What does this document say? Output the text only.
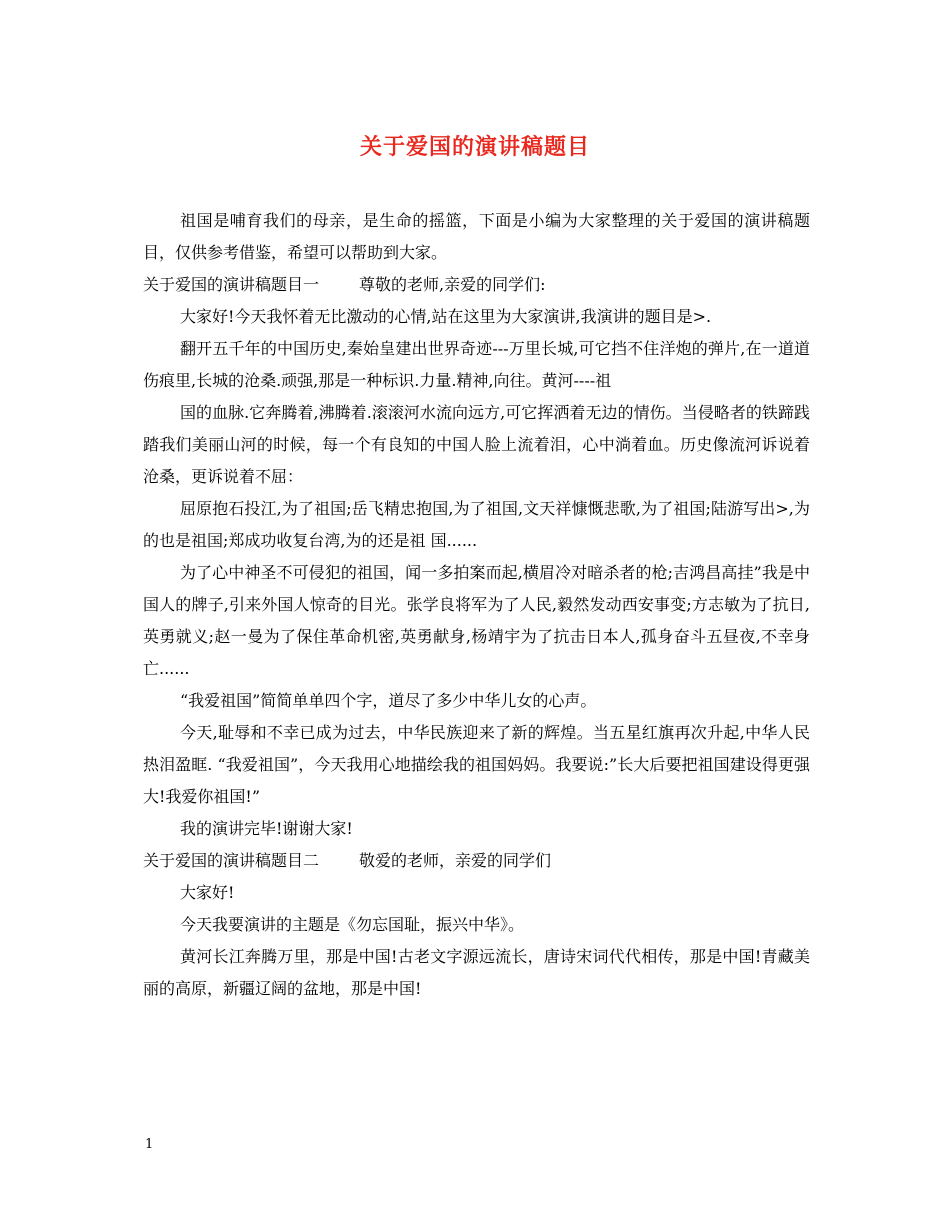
关于爱国的演讲稿题目

祖国是哺育我们的母亲，是生命的摇篮，下面是小编为大家整理的关于爱国的演讲稿题目，仅供参考借鉴，希望可以帮助到大家。

关于爱国的演讲稿题目一	尊敬的老师,亲爱的同学们:

大家好!今天我怀着无比激动的心情,站在这里为大家演讲,我演讲的题目是>.

翻开五千年的中国历史,秦始皇建出世界奇迹---万里长城,可它挡不住洋炮的弹片,在一道道伤痕里,长城的沧桑.顽强,那是一种标识.力量.精神,向往。黄河----祖

国的血脉.它奔腾着,沸腾着.滚滚河水流向远方,可它挥洒着无边的情伤。当侵略者的铁蹄践踏我们美丽山河的时候，每一个有良知的中国人脸上流着泪，心中淌着血。历史像流河诉说着沧桑，更诉说着不屈：

屈原抱石投江,为了祖国;岳飞精忠抱国,为了祖国,文天祥慷慨悲歌,为了祖国;陆游写出>,为的也是祖国;郑成功收复台湾,为的还是祖 国......

为了心中神圣不可侵犯的祖国，闻一多拍案而起,横眉冷对暗杀者的枪;吉鸿昌高挂”我是中国人的牌子,引来外国人惊奇的目光。张学良将军为了人民,毅然发动西安事变;方志敏为了抗日,英勇就义;赵一曼为了保住革命机密,英勇献身,杨靖宇为了抗击日本人,孤身奋斗五昼夜,不幸身亡......

“我爱祖国”简简单单四个字，道尽了多少中华儿女的心声。

今天,耻辱和不幸已成为过去，中华民族迎来了新的辉煌。当五星红旗再次升起,中华人民热泪盈眶. “我爱祖国”，今天我用心地描绘我的祖国妈妈。我要说:”长大后要把祖国建设得更强大!我爱你祖国!”

我的演讲完毕!谢谢大家!

关于爱国的演讲稿题目二	敬爱的老师，亲爱的同学们

大家好!

今天我要演讲的主题是《勿忘国耻，振兴中华》。

黄河长江奔腾万里，那是中国!古老文字源远流长，唐诗宋词代代相传，那是中国!青藏美丽的高原，新疆辽阔的盆地，那是中国!

1
